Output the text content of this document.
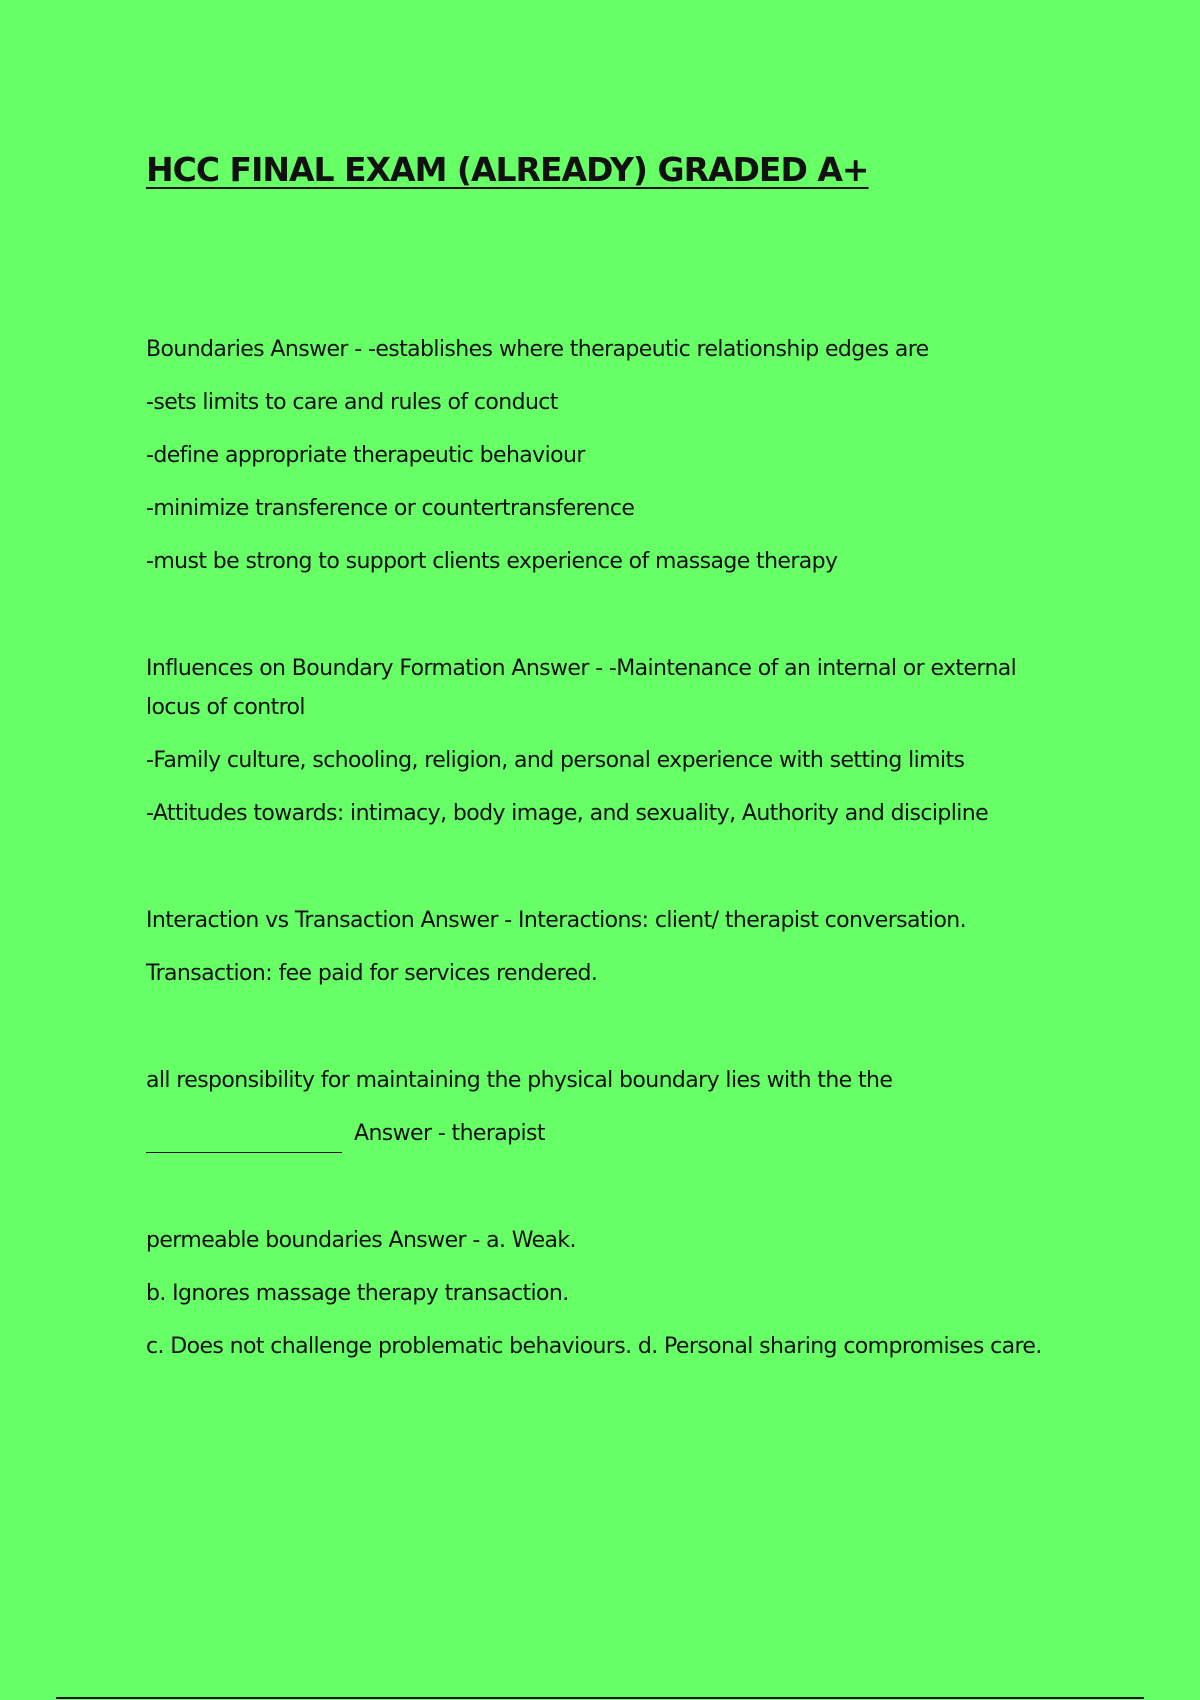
HCC FINAL EXAM (ALREADY) GRADED A+

Boundaries Answer - -establishes where therapeutic relationship edges are

-sets limits to care and rules of conduct

-define appropriate therapeutic behaviour

-minimize transference or countertransference

-must be strong to support clients experience of massage therapy

Influences on Boundary Formation Answer - -Maintenance of an internal or external locus of control

-Family culture, schooling, religion, and personal experience with setting limits

-Attitudes towards: intimacy, body image, and sexuality, Authority and discipline

Interaction vs Transaction Answer - Interactions: client/ therapist conversation.

Transaction: fee paid for services rendered.

all responsibility for maintaining the physical boundary lies with the the

Answer - therapist

permeable boundaries Answer - a. Weak.

b. Ignores massage therapy transaction.

c. Does not challenge problematic behaviours. d. Personal sharing compromises care.
